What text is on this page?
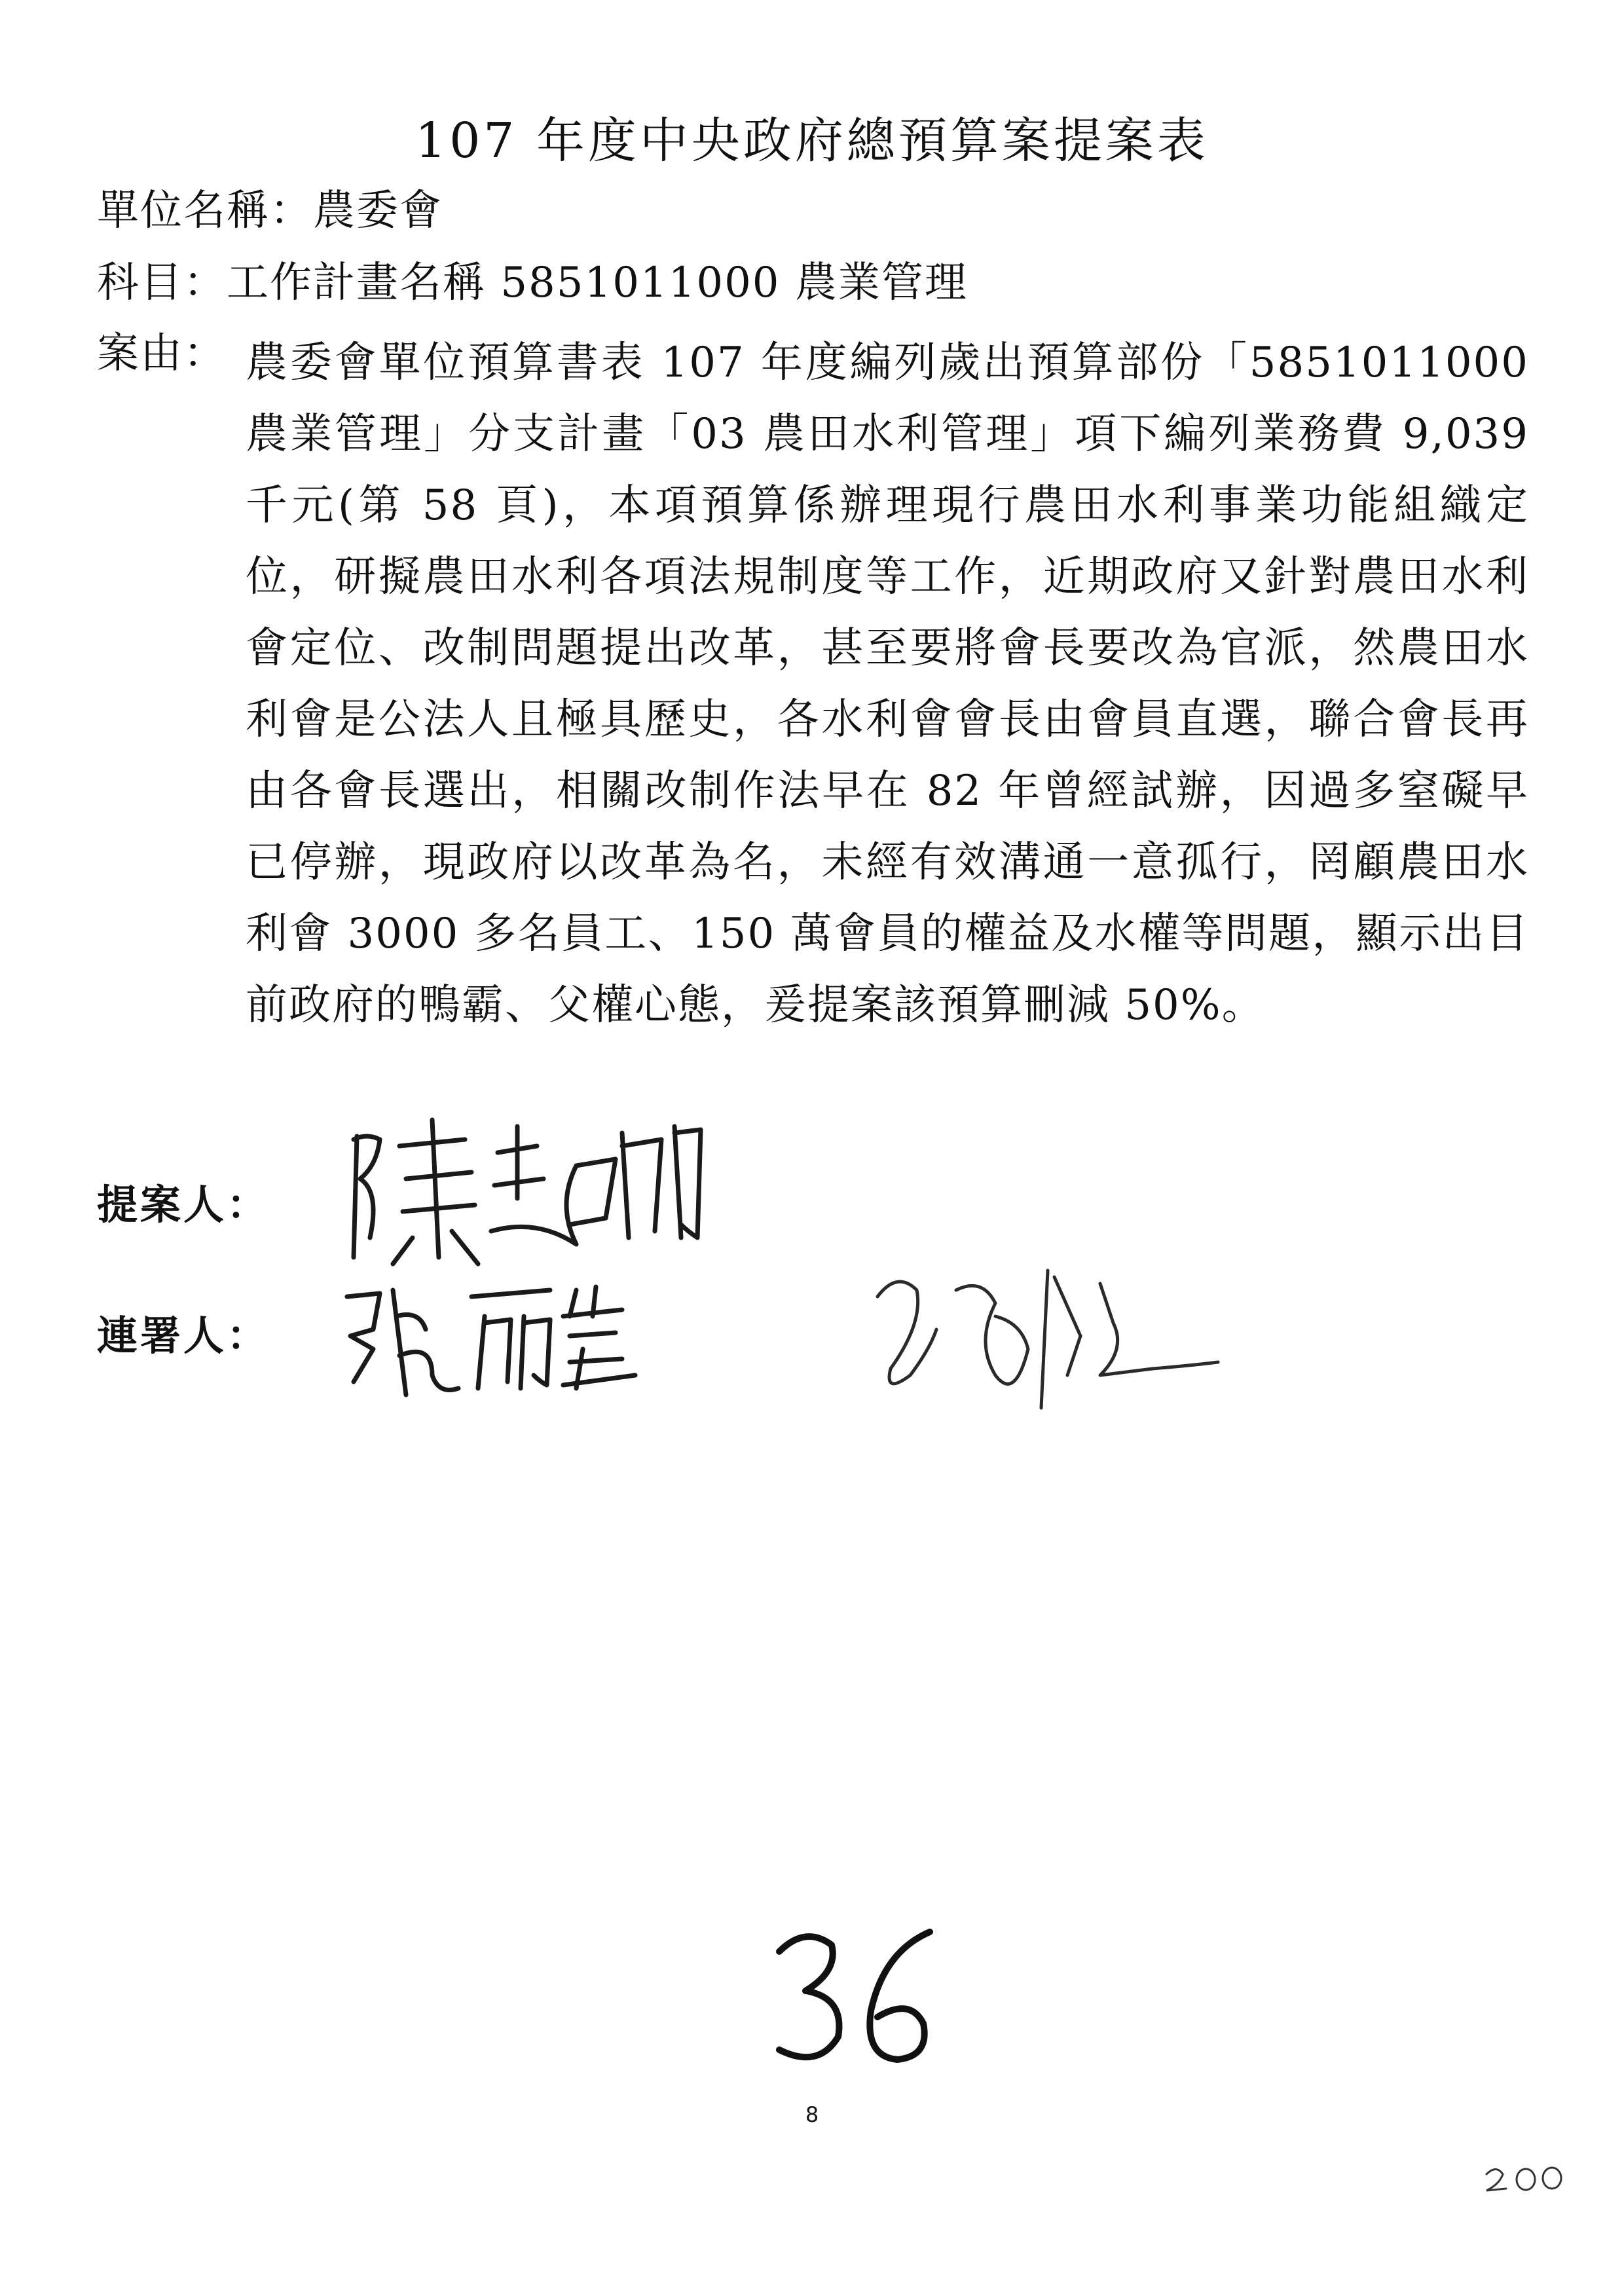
107 年度中央政府總預算案提案表
單位名稱：農委會
科目：工作計畫名稱 5851011000 農業管理
案由： 農委會單位預算書表 107 年度編列歲出預算部份「5851011000 農業管理」分支計畫「03 農田水利管理」項下編列業務費 9,039 千元(第 58 頁)，本項預算係辦理現行農田水利事業功能組織定位，研擬農田水利各項法規制度等工作，近期政府又針對農田水利會定位、改制問題提出改革，甚至要將會長要改為官派，然農田水利會是公法人且極具歷史，各水利會會長由會員直選，聯合會長再由各會長選出，相關改制作法早在 82 年曾經試辦，因過多窒礙早已停辦，現政府以改革為名，未經有效溝通一意孤行，罔顧農田水利會 3000 多名員工、150 萬會員的權益及水權等問題，顯示出目前政府的鴨霸、父權心態，爰提案該預算刪減 50%。
提案人：
連署人：
36
8
200
